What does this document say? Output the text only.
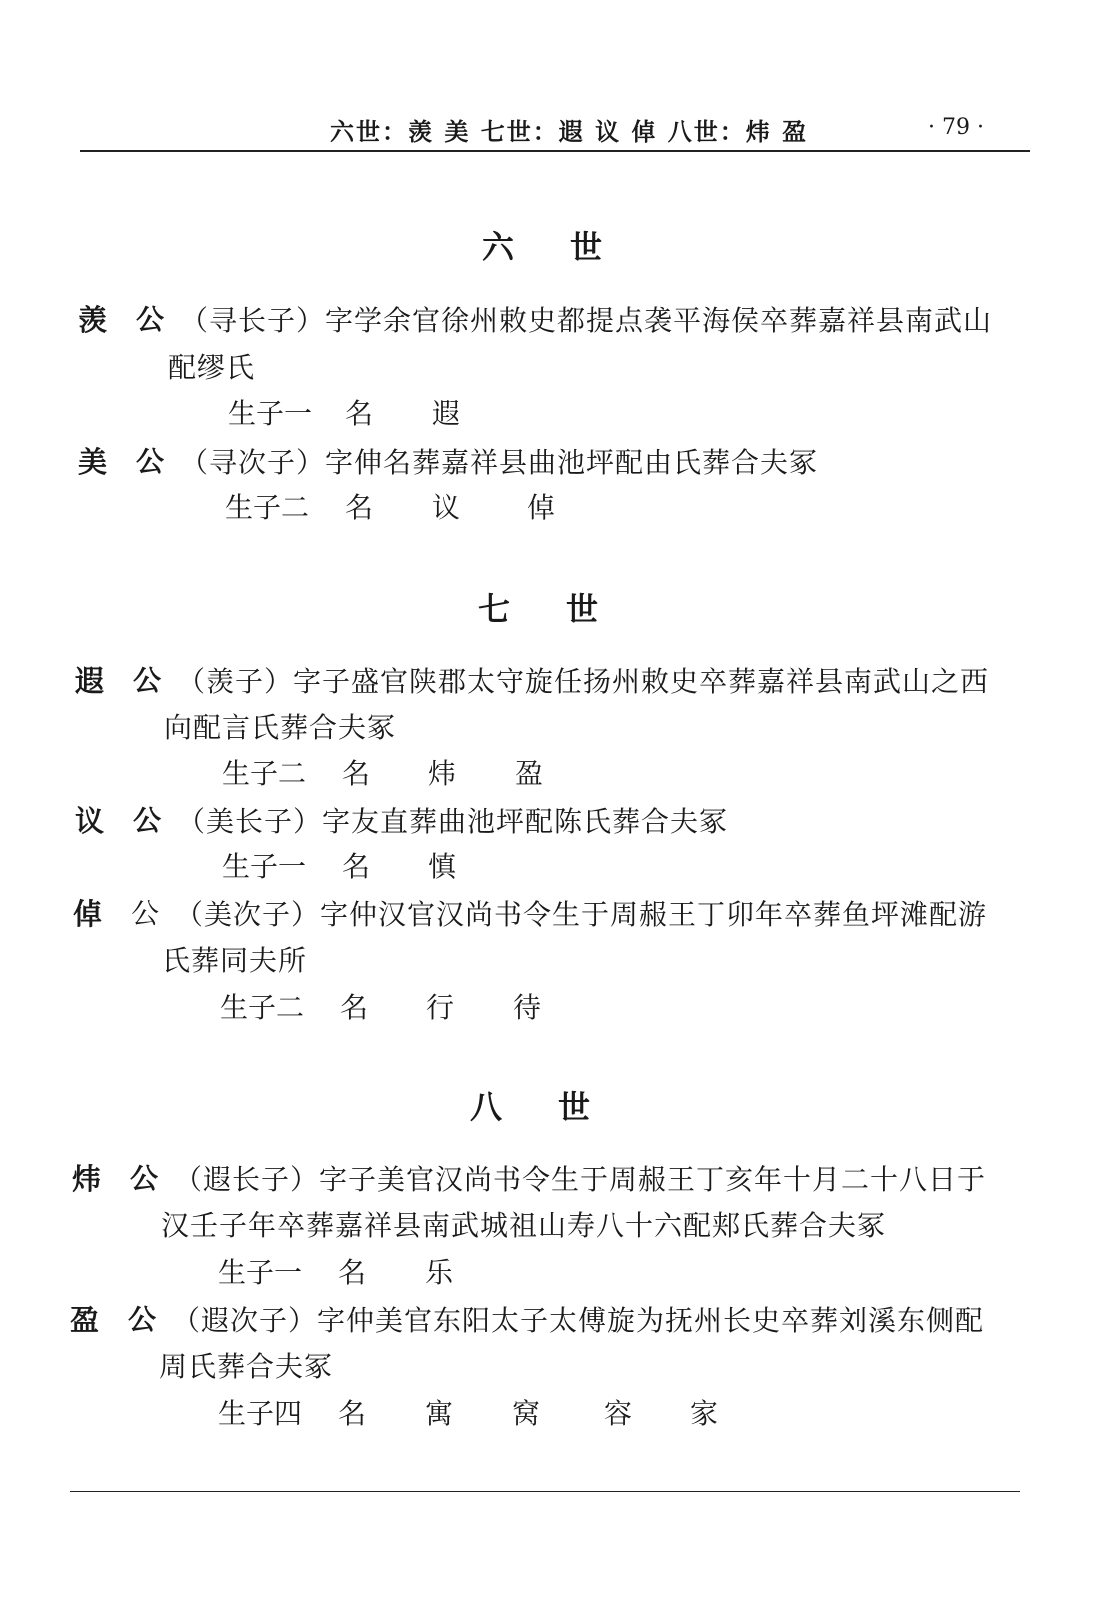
六世：羡 美 七世：遐 议 倬 八世：炜 盈	· 79 ·
六世
羡 公 （寻长子）字学余官徐州敕史都提点袭平海侯卒葬嘉祥县南武山
配缪氏
生子一 名 遐
美 公 （寻次子）字伸名葬嘉祥县曲池坪配由氏葬合夫冢
生子二 名 议 倬
七世
遐 公 （羡子）字子盛官陕郡太守旋任扬州敕史卒葬嘉祥县南武山之西
向配言氏葬合夫冢
生子二 名 炜 盈
议 公 （美长子）字友直葬曲池坪配陈氏葬合夫冢
生子一 名 慎
倬 公 （美次子）字仲汉官汉尚书令生于周赧王丁卯年卒葬鱼坪滩配游
氏葬同夫所
生子二 名 行 待
八世
炜 公 （遐长子）字子美官汉尚书令生于周赧王丁亥年十月二十八日于
汉壬子年卒葬嘉祥县南武城祖山寿八十六配郏氏葬合夫冢
生子一 名 乐
盈 公 （遐次子）字仲美官东阳太子太傅旋为抚州长史卒葬刘溪东侧配
周氏葬合夫冢
生子四 名 寓 窝 容 家
